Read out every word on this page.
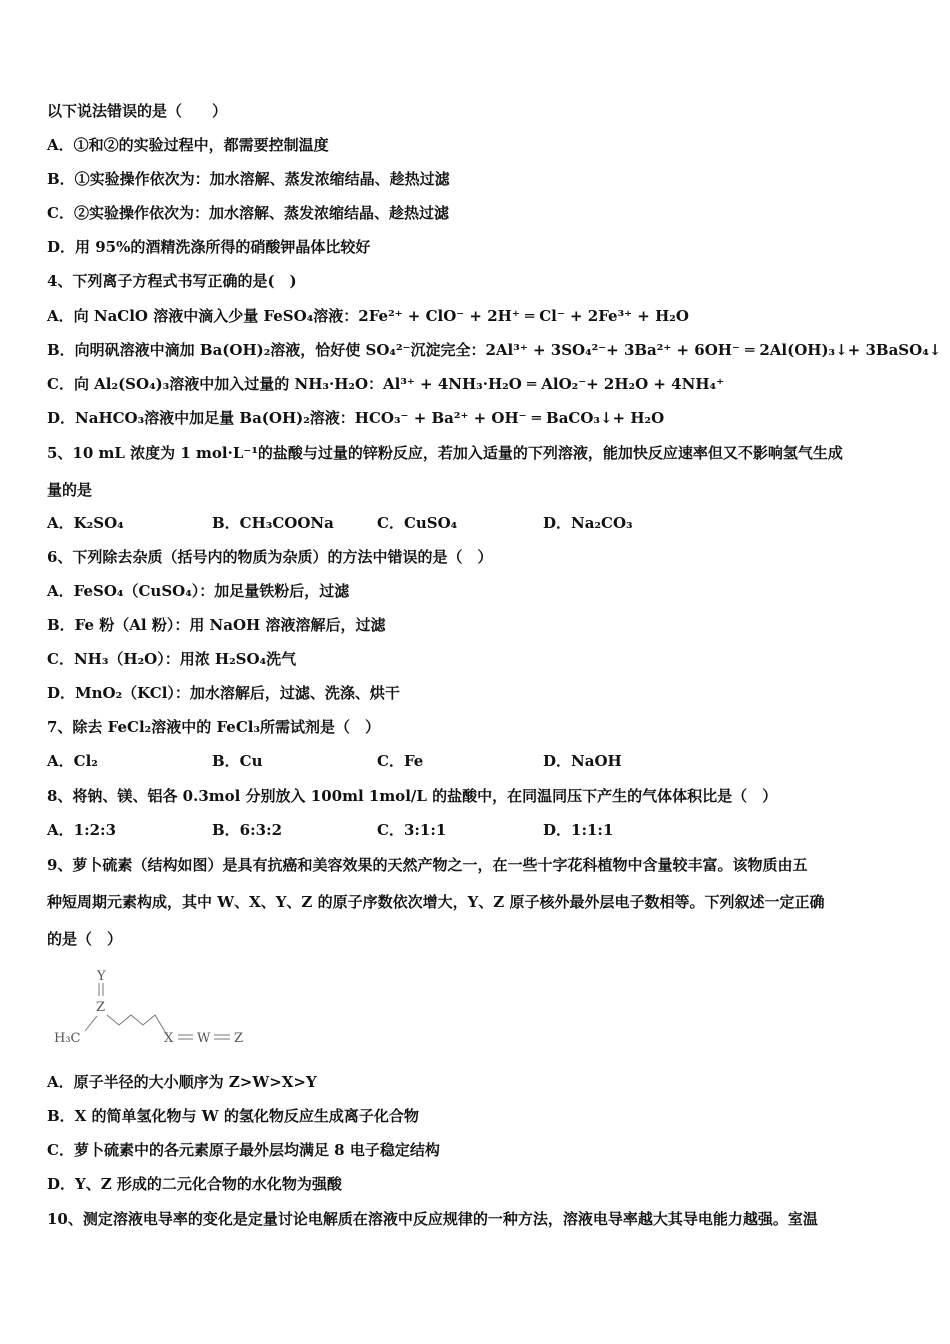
以下说法错误的是（　　）
A．①和②的实验过程中，都需要控制温度
B．①实验操作依次为：加水溶解、蒸发浓缩结晶、趁热过滤
C．②实验操作依次为：加水溶解、蒸发浓缩结晶、趁热过滤
D．用 95%的酒精洗涤所得的硝酸钾晶体比较好
4、下列离子方程式书写正确的是(　)
A．向 NaClO 溶液中滴入少量 FeSO₄溶液：2Fe²⁺ + ClO⁻ + 2H⁺ ═ Cl⁻ + 2Fe³⁺ + H₂O
B．向明矾溶液中滴加 Ba(OH)₂溶液，恰好使 SO₄²⁻沉淀完全：2Al³⁺ + 3SO₄²⁻+ 3Ba²⁺ + 6OH⁻ ═ 2Al(OH)₃↓+ 3BaSO₄↓
C．向 Al₂(SO₄)₃溶液中加入过量的 NH₃·H₂O：Al³⁺ + 4NH₃·H₂O ═ AlO₂⁻+ 2H₂O + 4NH₄⁺
D．NaHCO₃溶液中加足量 Ba(OH)₂溶液：HCO₃⁻ + Ba²⁺ + OH⁻ ═ BaCO₃↓+ H₂O
5、10 mL 浓度为 1 mol·L⁻¹的盐酸与过量的锌粉反应，若加入适量的下列溶液，能加快反应速率但又不影响氢气生成
量的是
A．K₂SO₄	B．CH₃COONa	C．CuSO₄	D．Na₂CO₃
6、下列除去杂质（括号内的物质为杂质）的方法中错误的是（　）
A．FeSO₄（CuSO₄）：加足量铁粉后，过滤
B．Fe 粉（Al 粉）：用 NaOH 溶液溶解后，过滤
C．NH₃（H₂O）：用浓 H₂SO₄洗气
D．MnO₂（KCl）：加水溶解后，过滤、洗涤、烘干
7、除去 FeCl₂溶液中的 FeCl₃所需试剂是（　）
A．Cl₂	B．Cu	C．Fe	D．NaOH
8、将钠、镁、铝各 0.3mol 分别放入 100ml 1mol/L 的盐酸中，在同温同压下产生的气体体积比是（　）
A．1:2:3	B．6:3:2	C．3:1:1	D．1:1:1
9、萝卜硫素（结构如图）是具有抗癌和美容效果的天然产物之一，在一些十字花科植物中含量较丰富。该物质由五
种短周期元素构成，其中 W、X、Y、Z 的原子序数依次增大，Y、Z 原子核外最外层电子数相等。下列叙述一定正确
的是（　）
Y
Z
H₃C	X W Z
A．原子半径的大小顺序为 Z>W>X>Y
B．X 的简单氢化物与 W 的氢化物反应生成离子化合物
C．萝卜硫素中的各元素原子最外层均满足 8 电子稳定结构
D．Y、Z 形成的二元化合物的水化物为强酸
10、测定溶液电导率的变化是定量讨论电解质在溶液中反应规律的一种方法，溶液电导率越大其导电能力越强。室温
